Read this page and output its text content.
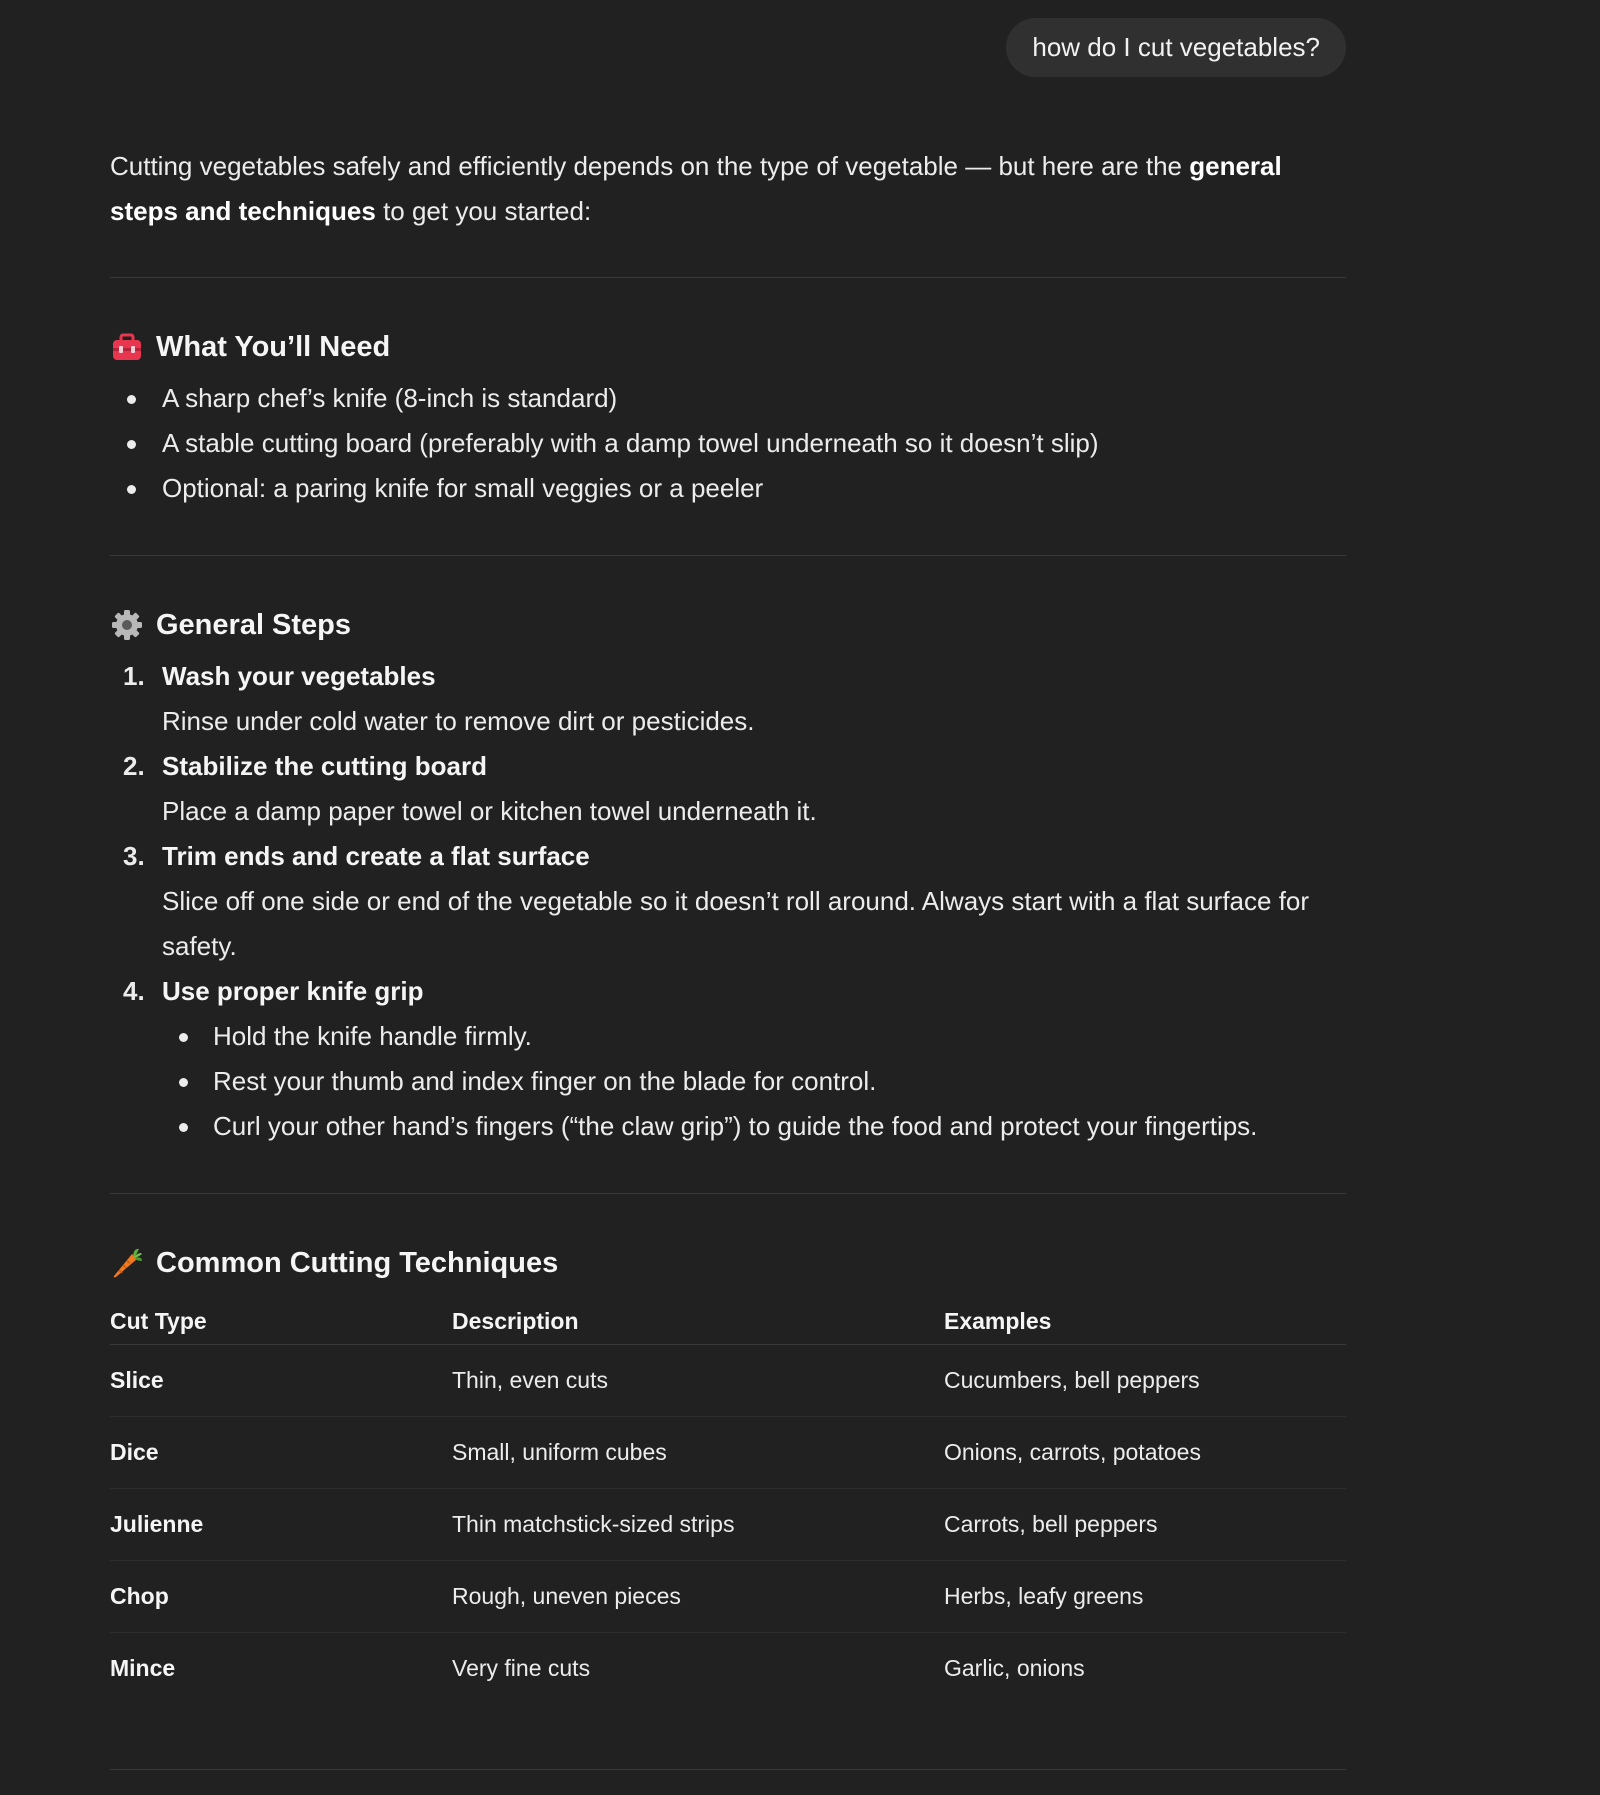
how do I cut vegetables?

Cutting vegetables safely and efficiently depends on the type of vegetable — but here are the general steps and techniques to get you started:

What You’ll Need
A sharp chef’s knife (8-inch is standard)
A stable cutting board (preferably with a damp towel underneath so it doesn’t slip)
Optional: a paring knife for small veggies or a peeler
General Steps
1. Wash your vegetables
Rinse under cold water to remove dirt or pesticides.
2. Stabilize the cutting board
Place a damp paper towel or kitchen towel underneath it.
3. Trim ends and create a flat surface
Slice off one side or end of the vegetable so it doesn’t roll around. Always start with a flat surface for safety.
4. Use proper knife grip
Hold the knife handle firmly.
Rest your thumb and index finger on the blade for control.
Curl your other hand’s fingers (“the claw grip”) to guide the food and protect your fingertips.
Common Cutting Techniques
Cut Type	Description	Examples
Slice	Thin, even cuts	Cucumbers, bell peppers
Dice	Small, uniform cubes	Onions, carrots, potatoes
Julienne	Thin matchstick-sized strips	Carrots, bell peppers
Chop	Rough, uneven pieces	Herbs, leafy greens
Mince	Very fine cuts	Garlic, onions
